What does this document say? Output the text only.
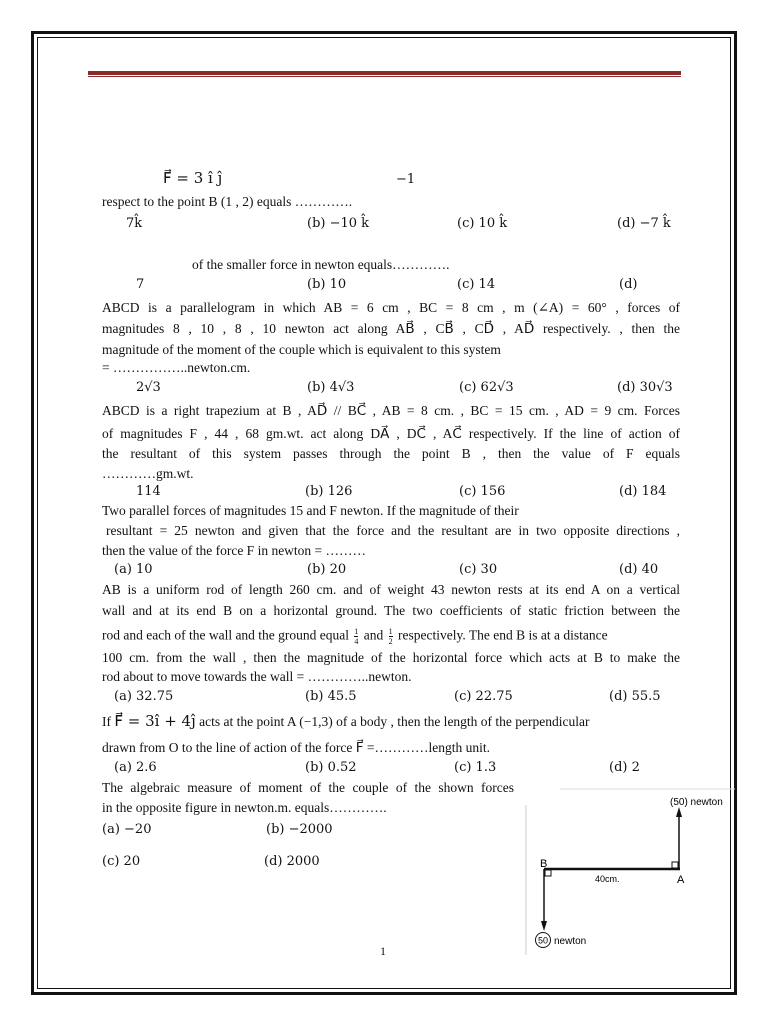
F⃗ = 3 î ĵ	−1
respect to the point B (1 , 2) equals ………….
7k̂	(b) −10 k̂	(c) 10 k̂	(d) −7 k̂
of the smaller force in newton equals………….
7	(b) 10	(c) 14	(d)
ABCD is a parallelogram in which AB = 6 cm , BC = 8 cm , m (∠A) = 60° , forces of
magnitudes 8 , 10 , 8 , 10 newton act along AB⃗ , CB⃗ , CD⃗ , AD⃗ respectively. , then the
magnitude of the moment of the couple which is equivalent to this system
= ……………..newton.cm.
2√3	(b) 4√3	(c) 62√3	(d) 30√3
ABCD is a right trapezium at B , AD⃗ // BC⃗ , AB = 8 cm. , BC = 15 cm. , AD = 9 cm. Forces
of magnitudes F , 44 , 68 gm.wt. act along DA⃗ , DC⃗ , AC⃗ respectively. If the line of action of
the resultant of this system passes through the point B , then the value of F equals
…………gm.wt.
114	(b) 126	(c) 156	(d) 184
Two parallel forces of magnitudes 15 and F newton. If the magnitude of their
resultant = 25 newton and given that the force and the resultant are in two opposite directions ,
then the value of the force F in newton = ………
(a) 10	(b) 20	(c) 30	(d) 40
AB is a uniform rod of length 260 cm. and of weight 43 newton rests at its end A on a vertical
wall and at its end B on a horizontal ground. The two coefficients of static friction between the
rod and each of the wall and the ground equal $\frac{1}{4}$ and $\frac{1}{2}$ respectively. The end B is at a distance
100 cm. from the wall , then the magnitude of the horizontal force which acts at B to make the
rod about to move towards the wall = …………..newton.
(a) 32.75	(b) 45.5	(c) 22.75	(d) 55.5
If F⃗ = 3î + 4ĵ acts at the point A (−1,3) of a body , then the length of the perpendicular
drawn from O to the line of action of the force F⃗ =…………length unit.
(a) 2.6	(b) 0.52	(c) 1.3	(d) 2
The algebraic measure of moment of the couple of the shown forces
in the opposite figure in newton.m. equals………….
(a) −20	(b) −2000
(c) 20	(d) 2000
(50) newton
B
A
40cm.
50 newton
1
